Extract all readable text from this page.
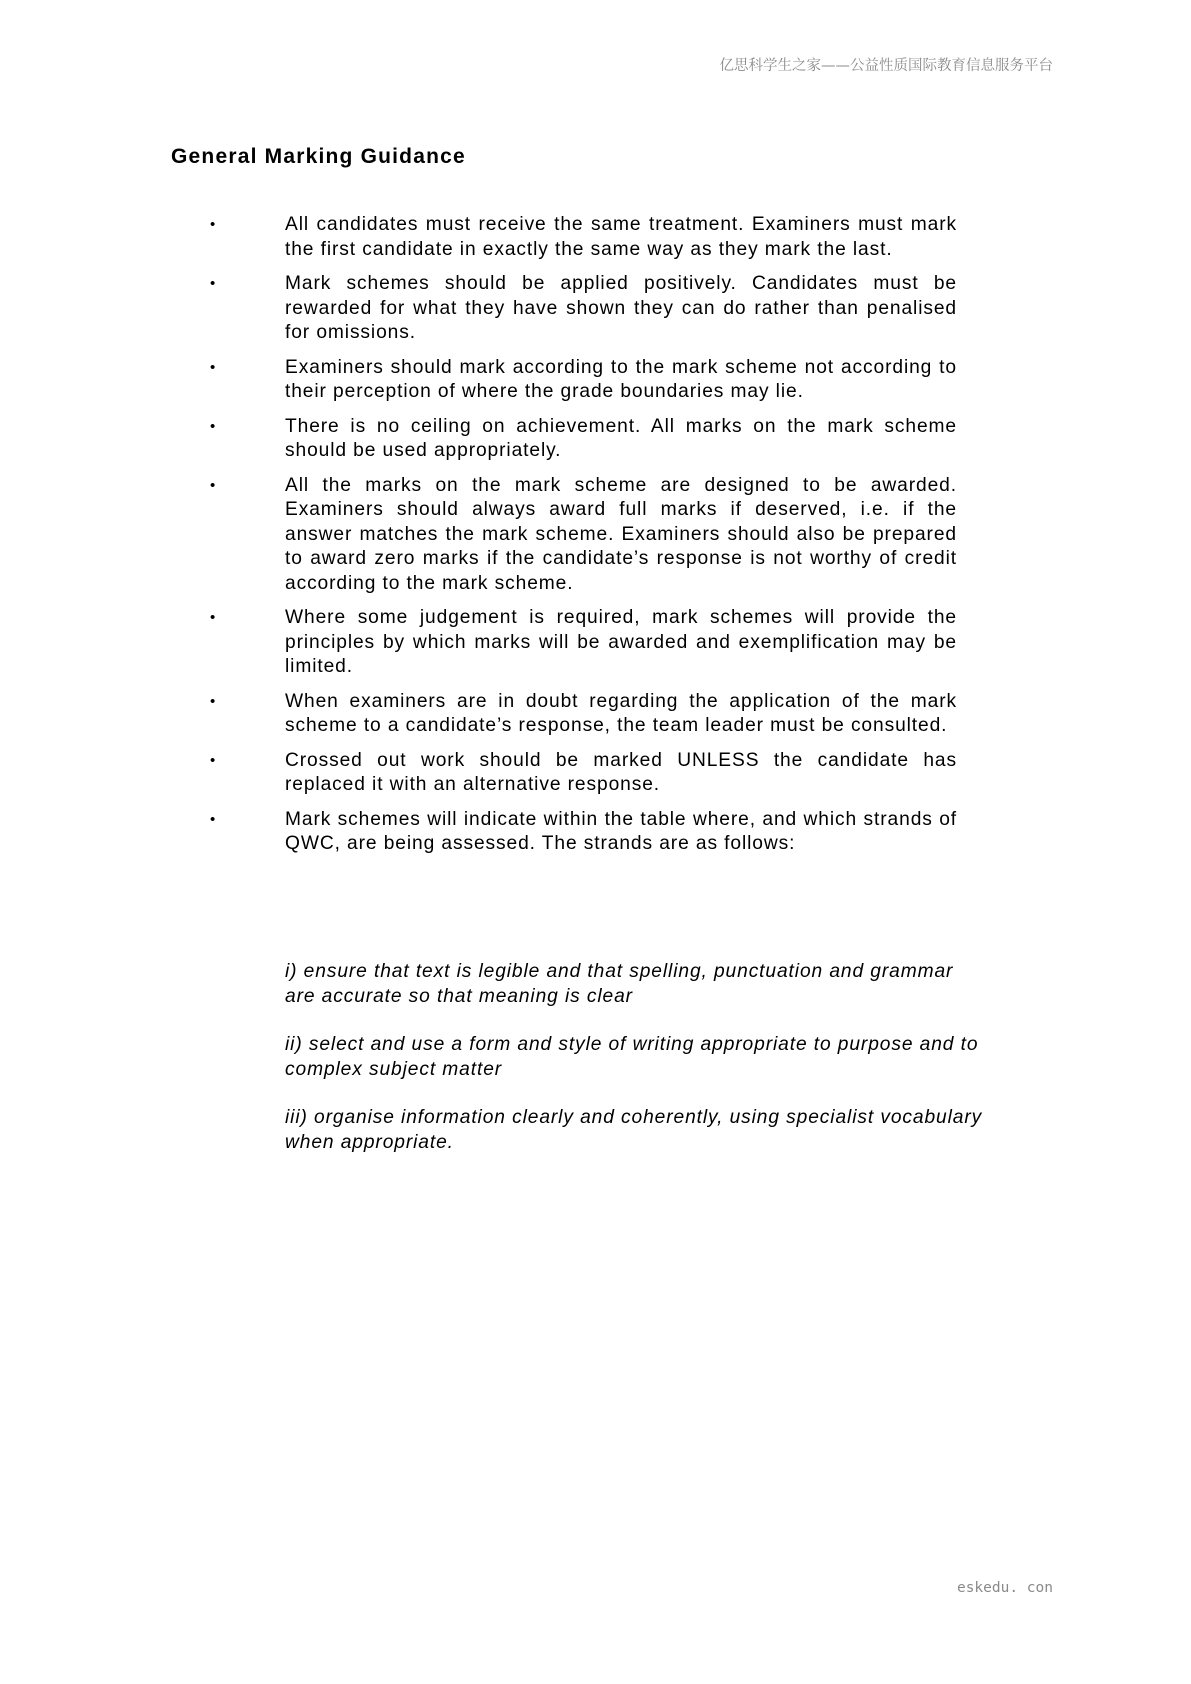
亿思科学生之家——公益性质国际教育信息服务平台
General Marking Guidance
•	All candidates must receive the same treatment. Examiners must mark the first candidate in exactly the same way as they mark the last.
•	Mark schemes should be applied positively. Candidates must be rewarded for what they have shown they can do rather than penalised for omissions.
•	Examiners should mark according to the mark scheme not according to their perception of where the grade boundaries may lie.
•	There is no ceiling on achievement. All marks on the mark scheme should be used appropriately.
•	All the marks on the mark scheme are designed to be awarded. Examiners should always award full marks if deserved, i.e. if the answer matches the mark scheme. Examiners should also be prepared to award zero marks if the candidate’s response is not worthy of credit according to the mark scheme.
•	Where some judgement is required, mark schemes will provide the principles by which marks will be awarded and exemplification may be limited.
•	When examiners are in doubt regarding the application of the mark scheme to a candidate’s response, the team leader must be consulted.
•	Crossed out work should be marked UNLESS the candidate has replaced it with an alternative response.
•	Mark schemes will indicate within the table where, and which strands of QWC, are being assessed. The strands are as follows:

i) ensure that text is legible and that spelling, punctuation and grammar are accurate so that meaning is clear

ii) select and use a form and style of writing appropriate to purpose and to complex subject matter

iii) organise information clearly and coherently, using specialist vocabulary when appropriate.

eskedu. con
